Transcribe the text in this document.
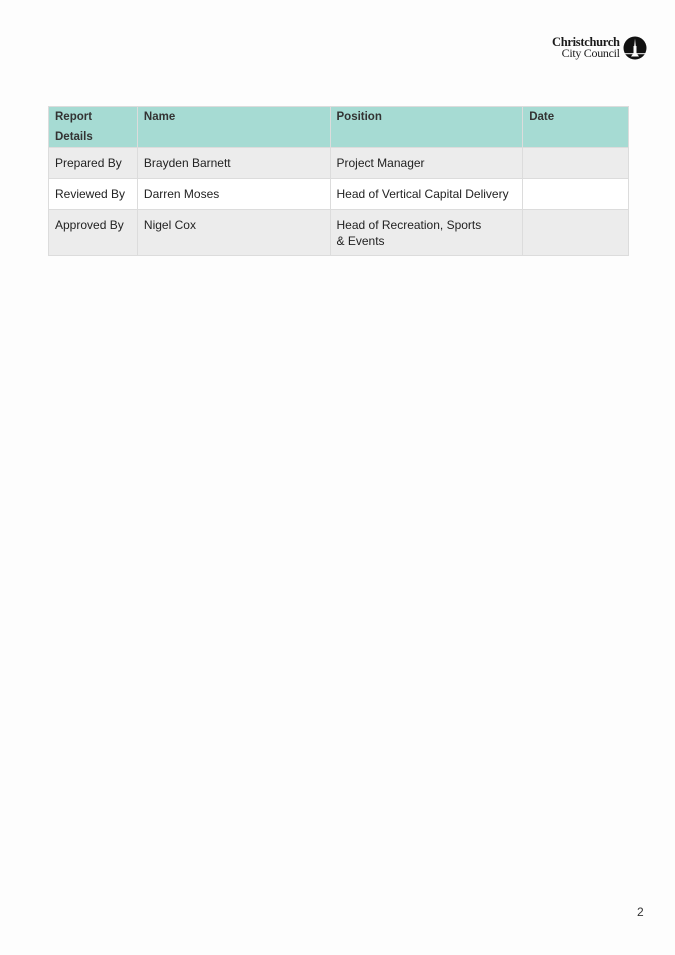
Christchurch
City Council
Report Details	Name	Position	Date
Prepared By	Brayden Barnett	Project Manager	
Reviewed By	Darren Moses	Head of Vertical Capital Delivery	
Approved By	Nigel Cox	Head of Recreation, Sports & Events	
2
